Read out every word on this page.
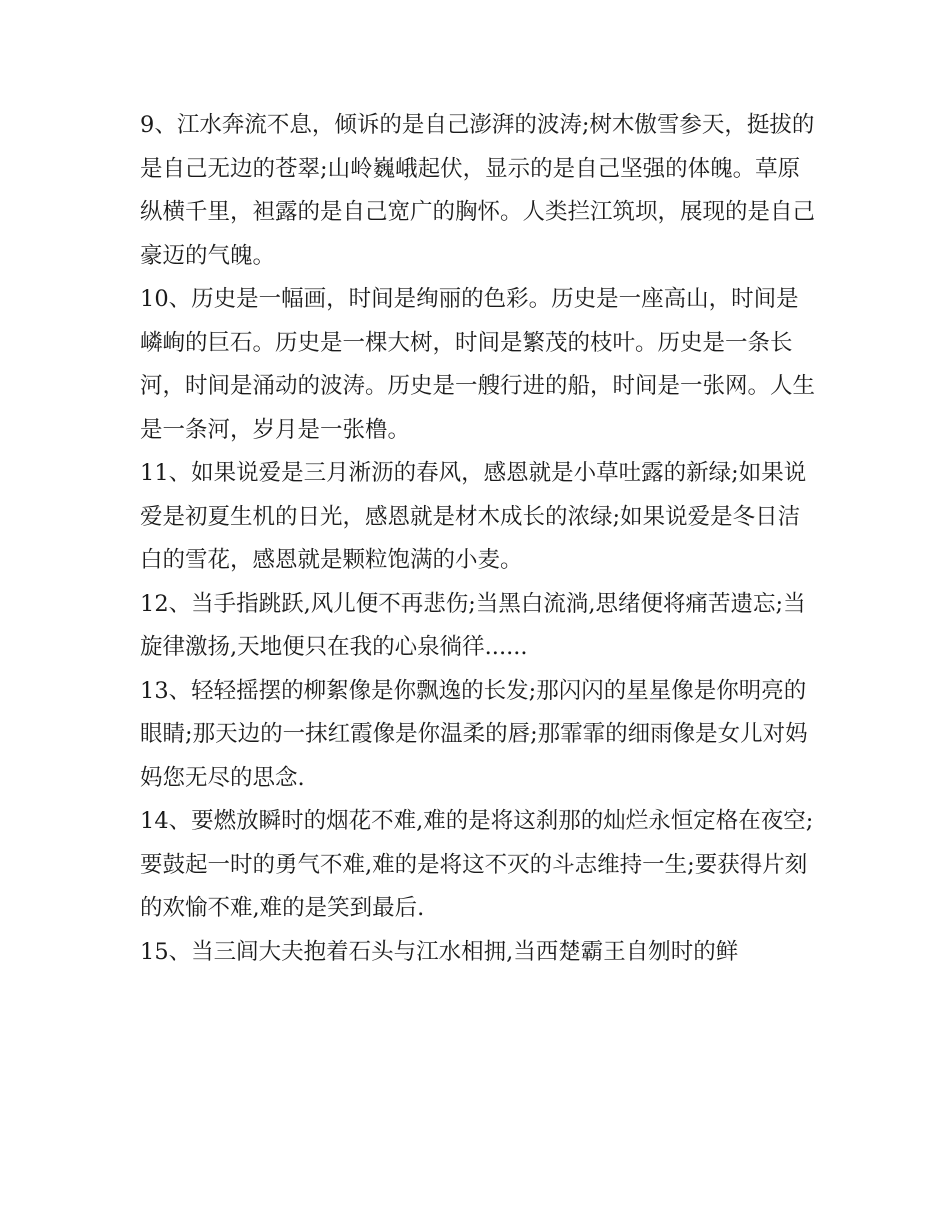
9、江水奔流不息，倾诉的是自己澎湃的波涛;树木傲雪参天，挺拔的是自己无边的苍翠;山岭巍峨起伏，显示的是自己坚强的体魄。草原纵横千里，袒露的是自己宽广的胸怀。人类拦江筑坝，展现的是自己豪迈的气魄。

10、历史是一幅画，时间是绚丽的色彩。历史是一座高山，时间是嶙峋的巨石。历史是一棵大树，时间是繁茂的枝叶。历史是一条长河，时间是涌动的波涛。历史是一艘行进的船，时间是一张网。人生是一条河，岁月是一张橹。

11、如果说爱是三月淅沥的春风，感恩就是小草吐露的新绿;如果说爱是初夏生机的日光，感恩就是材木成长的浓绿;如果说爱是冬日洁白的雪花，感恩就是颗粒饱满的小麦。

12、当手指跳跃,风儿便不再悲伤;当黑白流淌,思绪便将痛苦遗忘;当旋律激扬,天地便只在我的心泉徜徉......

13、轻轻摇摆的柳絮像是你飘逸的长发;那闪闪的星星像是你明亮的眼睛;那天边的一抹红霞像是你温柔的唇;那霏霏的细雨像是女儿对妈妈您无尽的思念.

14、要燃放瞬时的烟花不难,难的是将这刹那的灿烂永恒定格在夜空;要鼓起一时的勇气不难,难的是将这不灭的斗志维持一生;要获得片刻的欢愉不难,难的是笑到最后.

15、当三闾大夫抱着石头与江水相拥,当西楚霸王自刎时的鲜
